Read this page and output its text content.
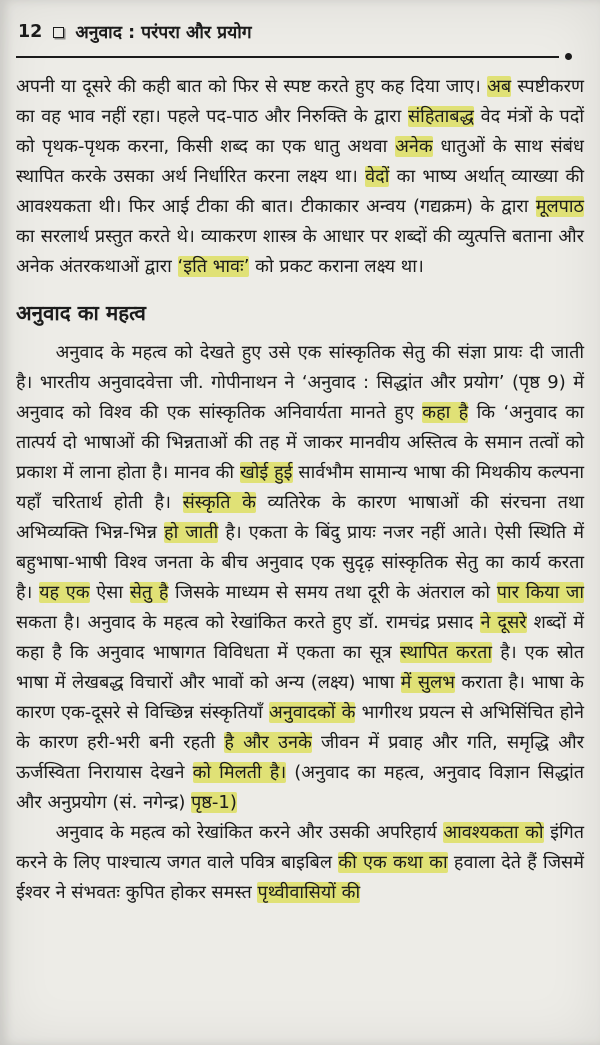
12 अनुवाद : परंपरा और प्रयोग

अपनी या दूसरे की कही बात को फिर से स्पष्ट करते हुए कह दिया जाए। अब स्पष्टीकरण का वह भाव नहीं रहा। पहले पद-पाठ और निरुक्ति के द्वारा संहिताबद्ध वेद मंत्रों के पदों को पृथक-पृथक करना, किसी शब्द का एक धातु अथवा अनेक धातुओं के साथ संबंध स्थापित करके उसका अर्थ निर्धारित करना लक्ष्य था। वेदों का भाष्य अर्थात् व्याख्या की आवश्यकता थी। फिर आई टीका की बात। टीकाकार अन्वय (गद्यक्रम) के द्वारा मूलपाठ का सरलार्थ प्रस्तुत करते थे। व्याकरण शास्त्र के आधार पर शब्दों की व्युत्पत्ति बताना और अनेक अंतरकथाओं द्वारा ‘इति भावः’ को प्रकट कराना लक्ष्य था।

अनुवाद का महत्व

अनुवाद के महत्व को देखते हुए उसे एक सांस्कृतिक सेतु की संज्ञा प्रायः दी जाती है। भारतीय अनुवादवेत्ता जी. गोपीनाथन ने ‘अनुवाद : सिद्धांत और प्रयोग’ (पृष्ठ 9) में अनुवाद को विश्व की एक सांस्कृतिक अनिवार्यता मानते हुए कहा है कि ‘अनुवाद का तात्पर्य दो भाषाओं की भिन्नताओं की तह में जाकर मानवीय अस्तित्व के समान तत्वों को प्रकाश में लाना होता है। मानव की खोई हुई सार्वभौम सामान्य भाषा की मिथकीय कल्पना यहाँ चरितार्थ होती है। संस्कृति के व्यतिरेक के कारण भाषाओं की संरचना तथा अभिव्यक्ति भिन्न-भिन्न हो जाती है। एकता के बिंदु प्रायः नजर नहीं आते। ऐसी स्थिति में बहुभाषा-भाषी विश्व जनता के बीच अनुवाद एक सुदृढ़ सांस्कृतिक सेतु का कार्य करता है। यह एक ऐसा सेतु है जिसके माध्यम से समय तथा दूरी के अंतराल को पार किया जा सकता है। अनुवाद के महत्व को रेखांकित करते हुए डॉ. रामचंद्र प्रसाद ने दूसरे शब्दों में कहा है कि अनुवाद भाषागत विविधता में एकता का सूत्र स्थापित करता है। एक स्रोत भाषा में लेखबद्ध विचारों और भावों को अन्य (लक्ष्य) भाषा में सुलभ कराता है। भाषा के कारण एक-दूसरे से विच्छिन्न संस्कृतियाँ अनुवादकों के भागीरथ प्रयत्न से अभिसिंचित होने के कारण हरी-भरी बनी रहती है और उनके जीवन में प्रवाह और गति, समृद्धि और ऊर्जस्विता निरायास देखने को मिलती है। (अनुवाद का महत्व, अनुवाद विज्ञान सिद्धांत और अनुप्रयोग (सं. नगेन्द्र) पृष्ठ-1)

अनुवाद के महत्व को रेखांकित करने और उसकी अपरिहार्य आवश्यकता को इंगित करने के लिए पाश्चात्य जगत वाले पवित्र बाइबिल की एक कथा का हवाला देते हैं जिसमें ईश्वर ने संभवतः कुपित होकर समस्त पृथ्वीवासियों की
